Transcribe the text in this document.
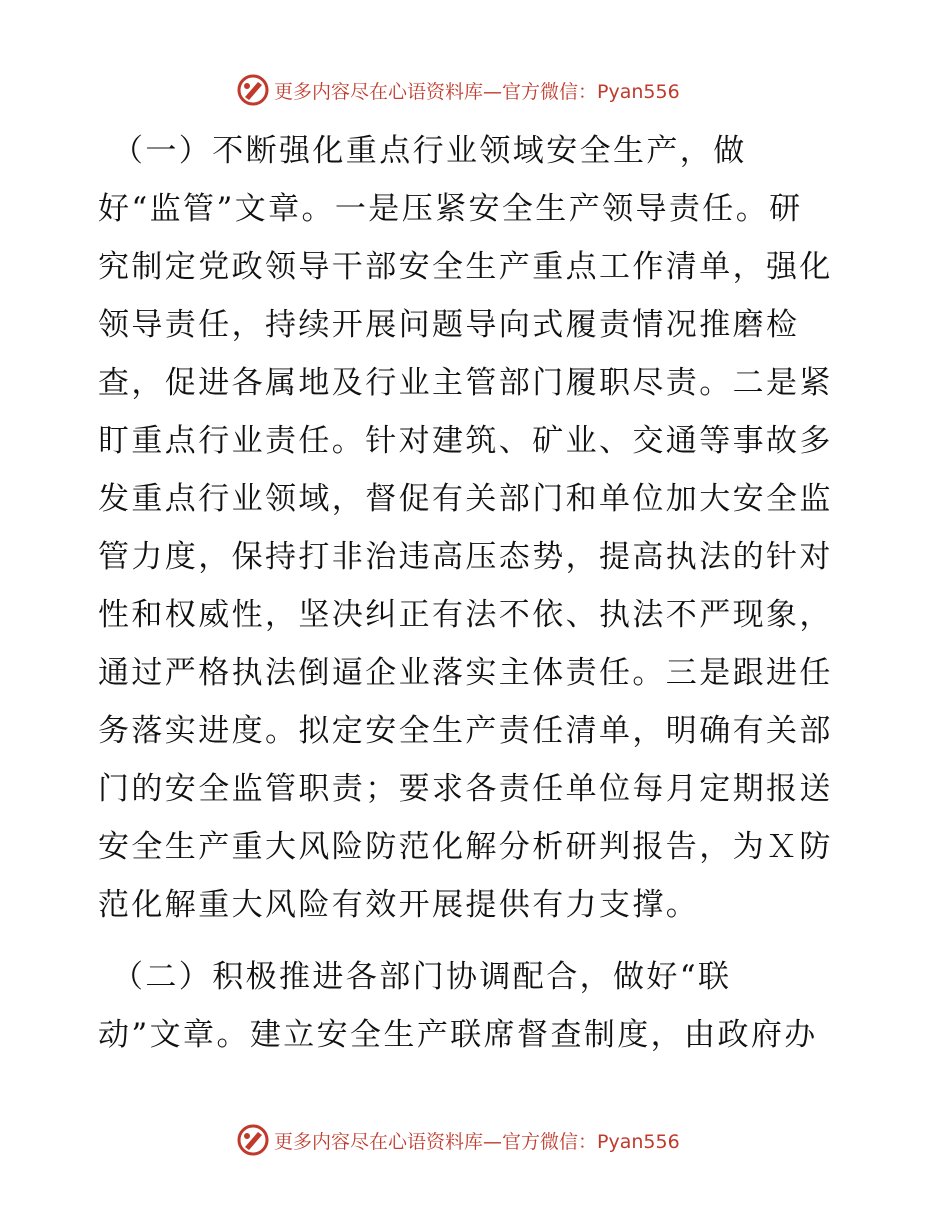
更多内容尽在心语资料库—官方微信：Pyan556
（一）不断强化重点行业领域安全生产，做
好“监管”文章。一是压紧安全生产领导责任。研
究制定党政领导干部安全生产重点工作清单，强化
领导责任，持续开展问题导向式履责情况推磨检
查，促进各属地及行业主管部门履职尽责。二是紧
盯重点行业责任。针对建筑、矿业、交通等事故多
发重点行业领域，督促有关部门和单位加大安全监
管力度，保持打非治违高压态势，提高执法的针对
性和权威性，坚决纠正有法不依、执法不严现象，
通过严格执法倒逼企业落实主体责任。三是跟进任
务落实进度。拟定安全生产责任清单，明确有关部
门的安全监管职责；要求各责任单位每月定期报送
安全生产重大风险防范化解分析研判报告，为Ｘ防
范化解重大风险有效开展提供有力支撑。
（二）积极推进各部门协调配合，做好“联
动”文章。建立安全生产联席督查制度，由政府办
更多内容尽在心语资料库—官方微信：Pyan556
